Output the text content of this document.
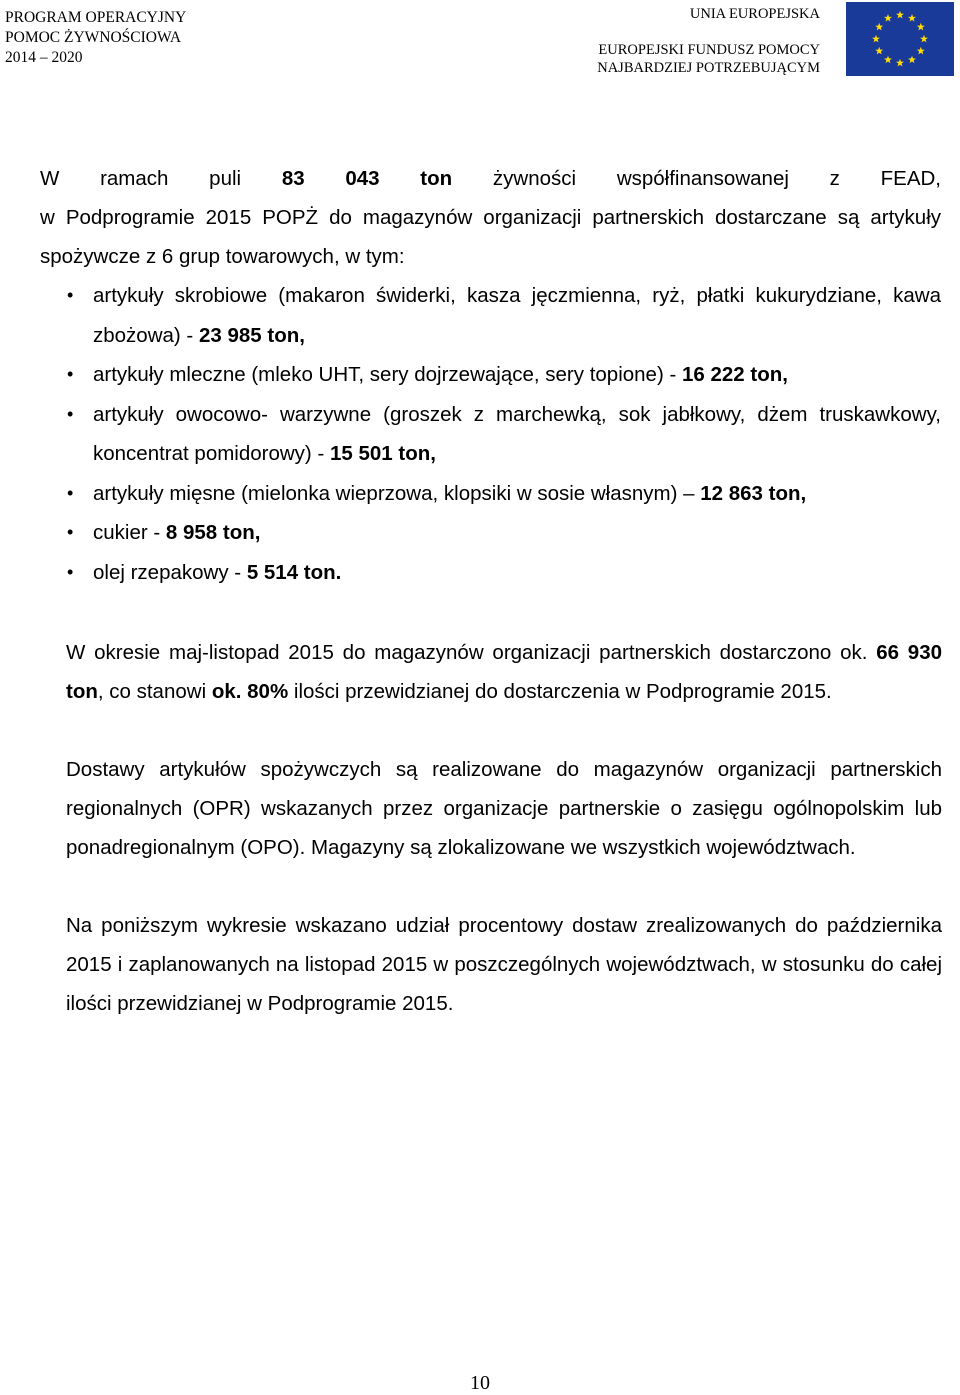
PROGRAM OPERACYJNY
POMOC ŻYWNOŚCIOWA
2014 – 2020
UNIA EUROPEJSKA
EUROPEJSKI FUNDUSZ POMOCY
NAJBARDZIEJ POTRZEBUJĄCYM

W ramach puli 83 043 ton żywności współfinansowanej z FEAD,
w Podprogramie 2015 POPŻ do magazynów organizacji partnerskich dostarczane są artykuły spożywcze z 6 grup towarowych, w tym:

• artykuły skrobiowe (makaron świderki, kasza jęczmienna, ryż, płatki kukurydziane, kawa zbożowa) - 23 985 ton,
• artykuły mleczne (mleko UHT, sery dojrzewające, sery topione) - 16 222 ton,
• artykuły owocowo- warzywne (groszek z marchewką, sok jabłkowy, dżem truskawkowy, koncentrat pomidorowy) - 15 501 ton,
• artykuły mięsne (mielonka wieprzowa, klopsiki w sosie własnym) – 12 863 ton,
• cukier - 8 958 ton,
• olej rzepakowy - 5 514 ton.

W okresie maj-listopad 2015 do magazynów organizacji partnerskich dostarczono ok. 66 930 ton, co stanowi ok. 80% ilości przewidzianej do dostarczenia w Podprogramie 2015.

Dostawy artykułów spożywczych są realizowane do magazynów organizacji partnerskich regionalnych (OPR) wskazanych przez organizacje partnerskie o zasięgu ogólnopolskim lub ponadregionalnym (OPO). Magazyny są zlokalizowane we wszystkich województwach.

Na poniższym wykresie wskazano udział procentowy dostaw zrealizowanych do października 2015 i zaplanowanych na listopad 2015 w poszczególnych województwach, w stosunku do całej ilości przewidzianej w Podprogramie 2015.

10
